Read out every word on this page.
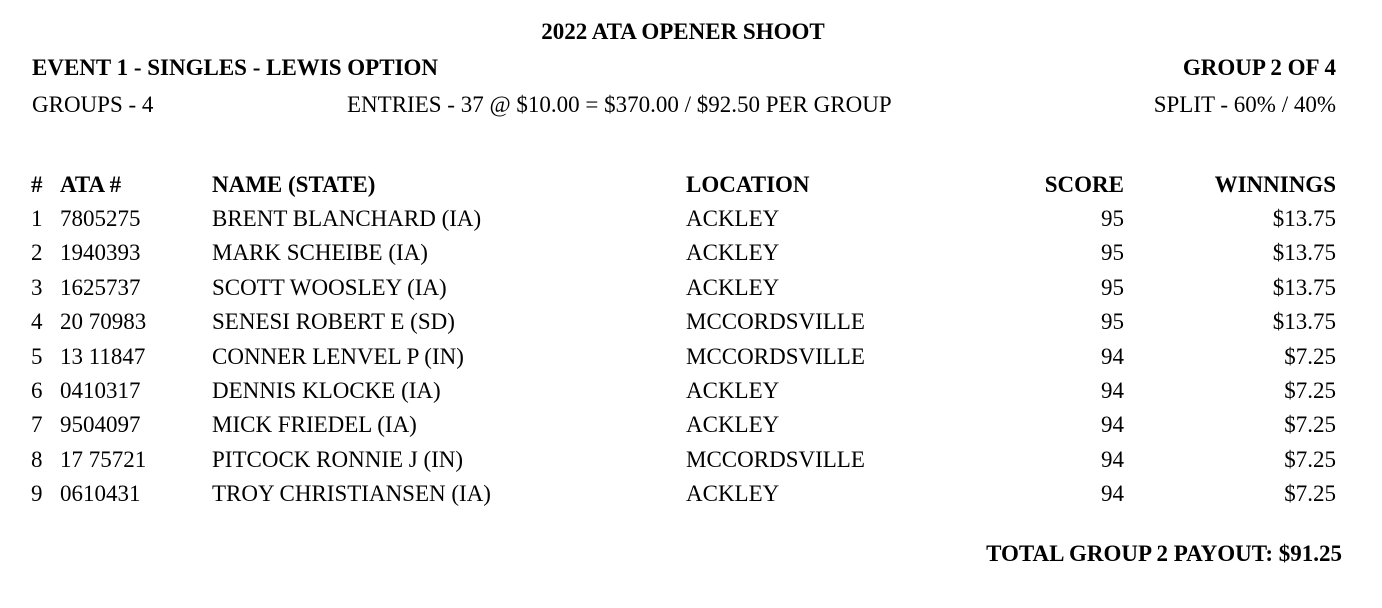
2022 ATA OPENER SHOOT
EVENT 1 - SINGLES - LEWIS OPTION	GROUP 2 OF 4
GROUPS - 4	ENTRIES - 37 @ $10.00 = $370.00 / $92.50 PER GROUP	SPLIT - 60% / 40%
# ATA #	NAME (STATE)	LOCATION	SCORE	WINNINGS
1 7805275	BRENT BLANCHARD (IA)	ACKLEY	95	$13.75
2 1940393	MARK SCHEIBE (IA)	ACKLEY	95	$13.75
3 1625737	SCOTT WOOSLEY (IA)	ACKLEY	95	$13.75
4 20 70983	SENESI ROBERT E (SD)	MCCORDSVILLE	95	$13.75
5 13 11847	CONNER LENVEL P (IN)	MCCORDSVILLE	94	$7.25
6 0410317	DENNIS KLOCKE (IA)	ACKLEY	94	$7.25
7 9504097	MICK FRIEDEL (IA)	ACKLEY	94	$7.25
8 17 75721	PITCOCK RONNIE J (IN)	MCCORDSVILLE	94	$7.25
9 0610431	TROY CHRISTIANSEN (IA)	ACKLEY	94	$7.25
TOTAL GROUP 2 PAYOUT: $91.25
